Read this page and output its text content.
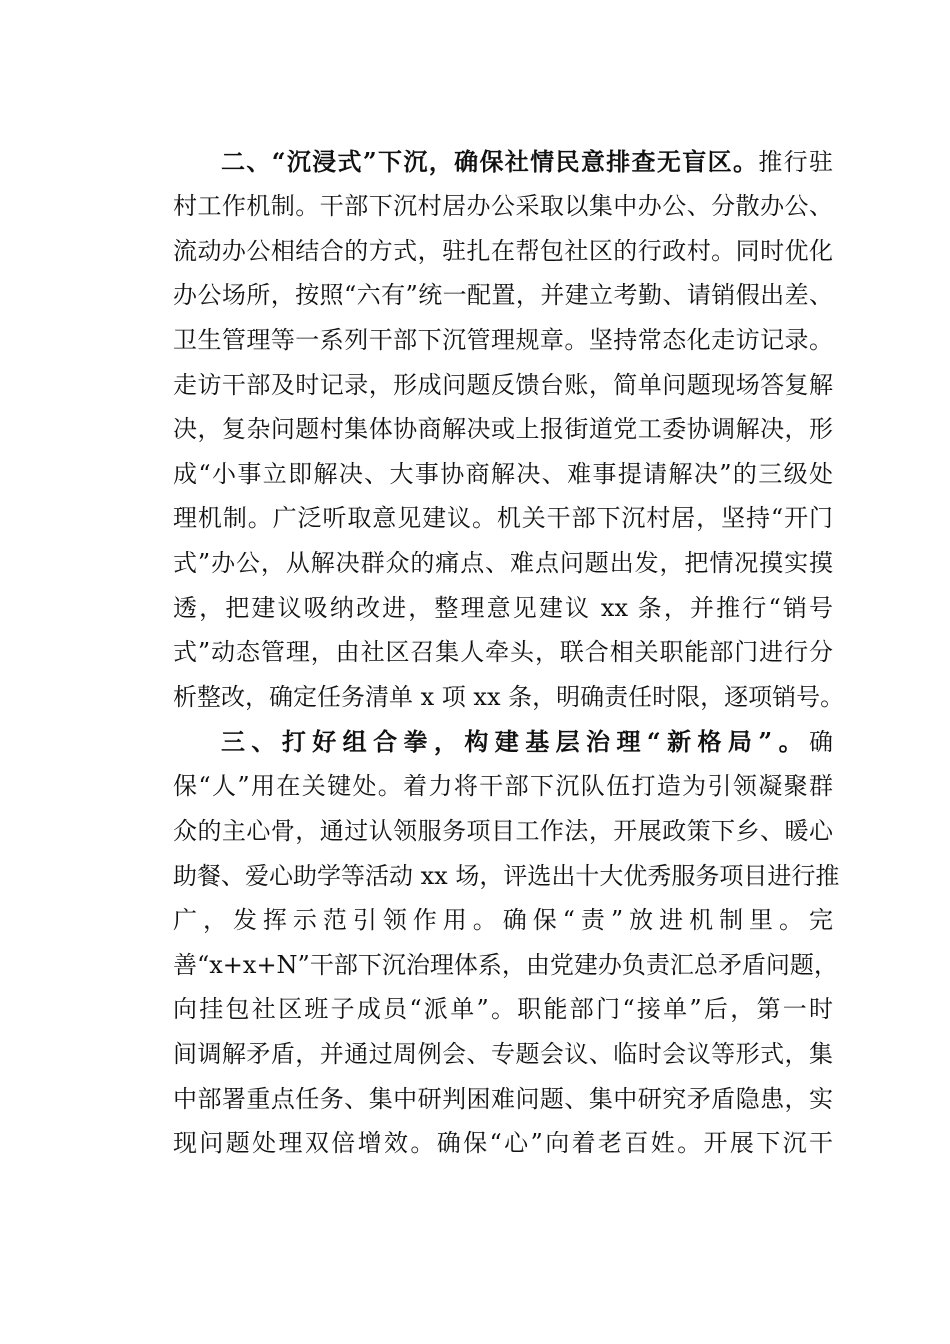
二、“沉浸式”下沉，确保社情民意排查无盲区。推行驻
村工作机制。干部下沉村居办公采取以集中办公、分散办公、
流动办公相结合的方式，驻扎在帮包社区的行政村。同时优化
办公场所，按照“六有”统一配置，并建立考勤、请销假出差、
卫生管理等一系列干部下沉管理规章。坚持常态化走访记录。
走访干部及时记录，形成问题反馈台账，简单问题现场答复解
决，复杂问题村集体协商解决或上报街道党工委协调解决，形
成“小事立即解决、大事协商解决、难事提请解决”的三级处
理机制。广泛听取意见建议。机关干部下沉村居，坚持“开门
式”办公，从解决群众的痛点、难点问题出发，把情况摸实摸
透，把建议吸纳改进，整理意见建议 xx 条，并推行“销号
式”动态管理，由社区召集人牵头，联合相关职能部门进行分
析整改，确定任务清单 x 项 xx 条，明确责任时限，逐项销号。
三、打好组合拳，构建基层治理“新格局”。确
保“人”用在关键处。着力将干部下沉队伍打造为引领凝聚群
众的主心骨，通过认领服务项目工作法，开展政策下乡、暖心
助餐、爱心助学等活动 xx 场，评选出十大优秀服务项目进行推
广，发挥示范引领作用。确保“责”放进机制里。完
善“x+x+N”干部下沉治理体系，由党建办负责汇总矛盾问题，
向挂包社区班子成员“派单”。职能部门“接单”后，第一时
间调解矛盾，并通过周例会、专题会议、临时会议等形式，集
中部署重点任务、集中研判困难问题、集中研究矛盾隐患，实
现问题处理双倍增效。确保“心”向着老百姓。开展下沉干
